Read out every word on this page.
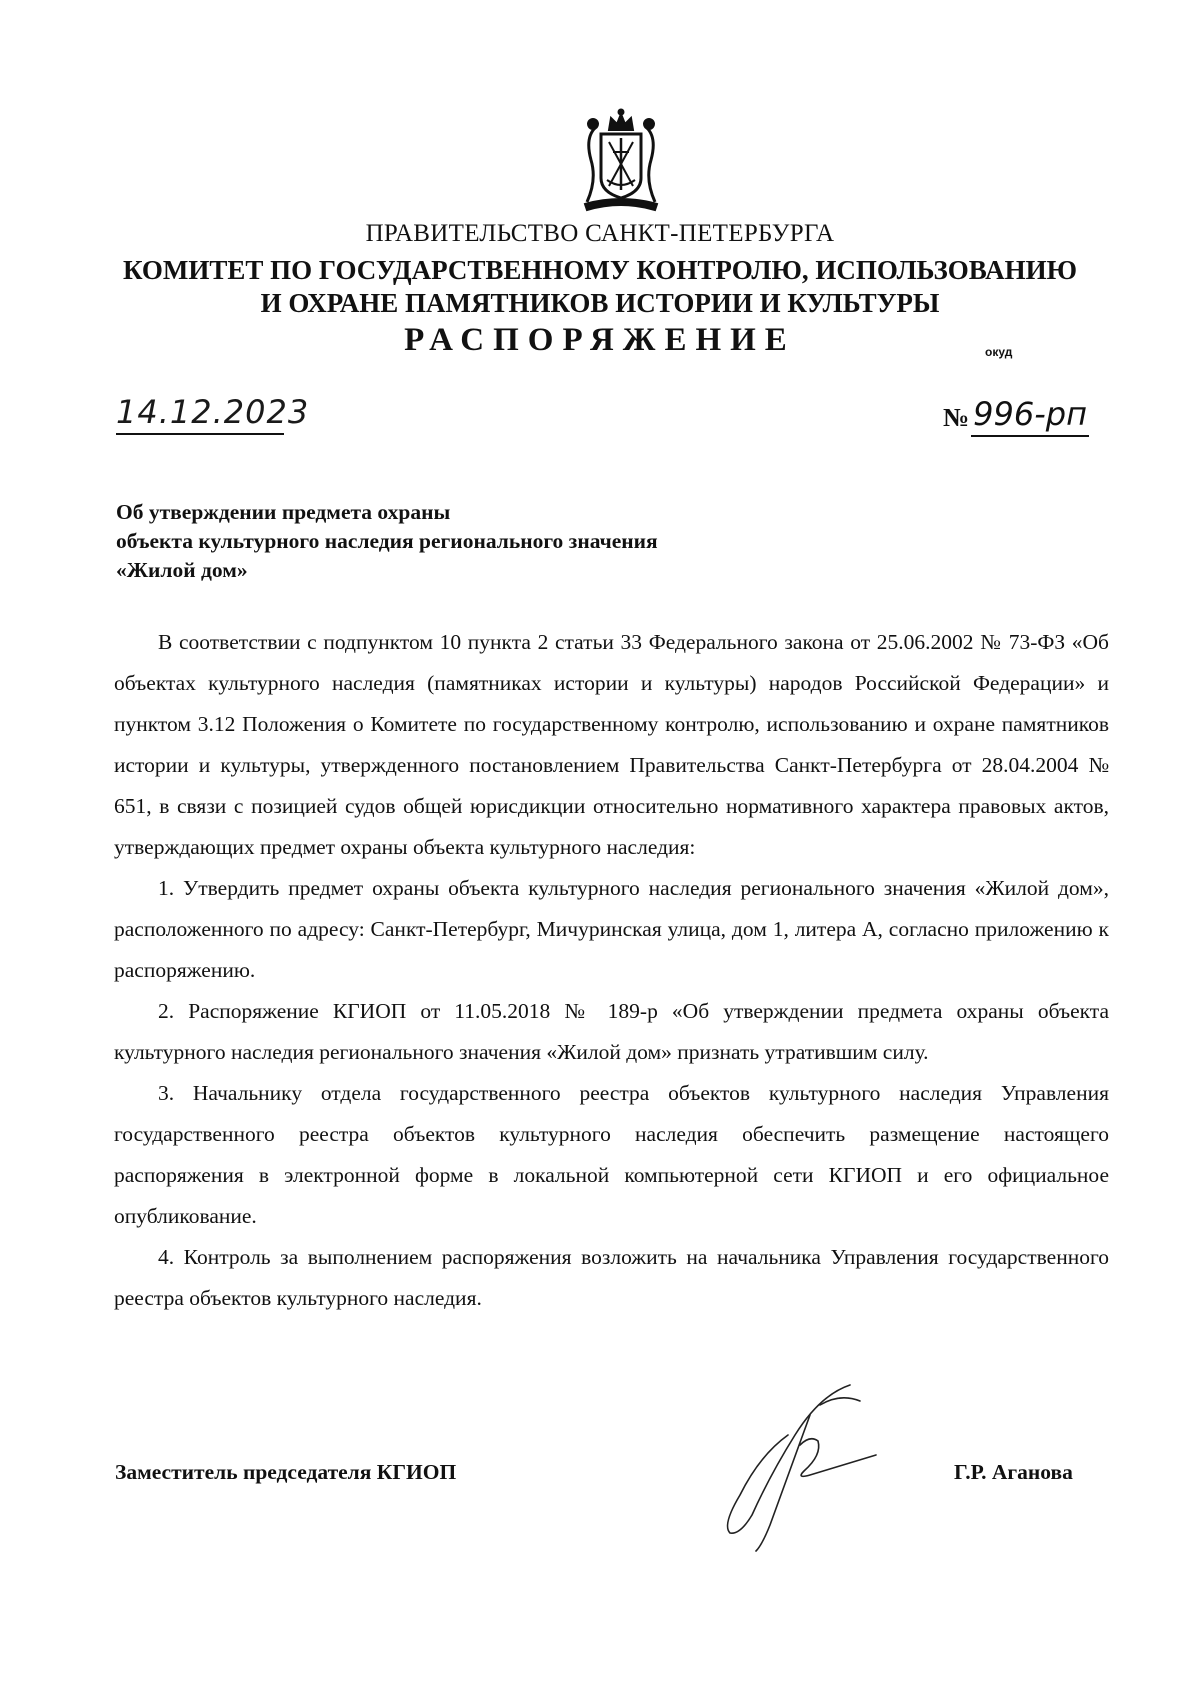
ПРАВИТЕЛЬСТВО САНКТ-ПЕТЕРБУРГА
КОМИТЕТ ПО ГОСУДАРСТВЕННОМУ КОНТРОЛЮ, ИСПОЛЬЗОВАНИЮ
И ОХРАНЕ ПАМЯТНИКОВ ИСТОРИИ И КУЛЬТУРЫ
РАСПОРЯЖЕНИЕ	окуд
14.12.2023	№ 996-рп
Об утверждении предмета охраны
объекта культурного наследия регионального значения
«Жилой дом»

В соответствии с подпунктом 10 пункта 2 статьи 33 Федерального закона от 25.06.2002 № 73-ФЗ «Об объектах культурного наследия (памятниках истории и культуры) народов Российской Федерации» и пунктом 3.12 Положения о Комитете по государственному контролю, использованию и охране памятников истории и культуры, утвержденного постановлением Правительства Санкт-Петербурга от 28.04.2004 № 651, в связи с позицией судов общей юрисдикции относительно нормативного характера правовых актов, утверждающих предмет охраны объекта культурного наследия:

1. Утвердить предмет охраны объекта культурного наследия регионального значения «Жилой дом», расположенного по адресу: Санкт-Петербург, Мичуринская улица, дом 1, литера А, согласно приложению к распоряжению.

2. Распоряжение КГИОП от 11.05.2018 № 189-р «Об утверждении предмета охраны объекта культурного наследия регионального значения «Жилой дом» признать утратившим силу.

3. Начальнику отдела государственного реестра объектов культурного наследия Управления государственного реестра объектов культурного наследия обеспечить размещение настоящего распоряжения в электронной форме в локальной компьютерной сети КГИОП и его официальное опубликование.

4. Контроль за выполнением распоряжения возложить на начальника Управления государственного реестра объектов культурного наследия.

Заместитель председателя КГИОП	Г.Р. Аганова
